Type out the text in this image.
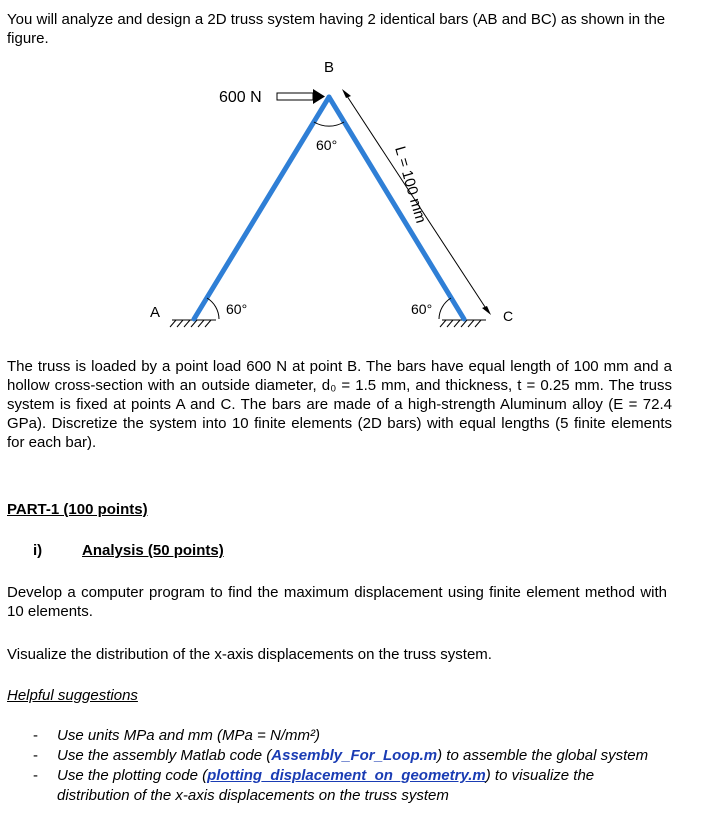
You will analyze and design a 2D truss system having 2 identical bars (AB and BC) as shown in the figure.

B
600 N
60°	L = 100 mm
A	60°	60°	C

The truss is loaded by a point load 600 N at point B. The bars have equal length of 100 mm and a hollow cross-section with an outside diameter, d₀ = 1.5 mm, and thickness, t = 0.25 mm. The truss system is fixed at points A and C. The bars are made of a high-strength Aluminum alloy (E = 72.4 GPa). Discretize the system into 10 finite elements (2D bars) with equal lengths (5 finite elements for each bar).

PART-1 (100 points)

i)	Analysis (50 points)

Develop a computer program to find the maximum displacement using finite element method with 10 elements.

Visualize the distribution of the x-axis displacements on the truss system.

Helpful suggestions

-	Use units MPa and mm (MPa = N/mm²)
-	Use the assembly Matlab code (Assembly_For_Loop.m) to assemble the global system
-	Use the plotting code (plotting_displacement_on_geometry.m) to visualize the distribution of the x-axis displacements on the truss system
